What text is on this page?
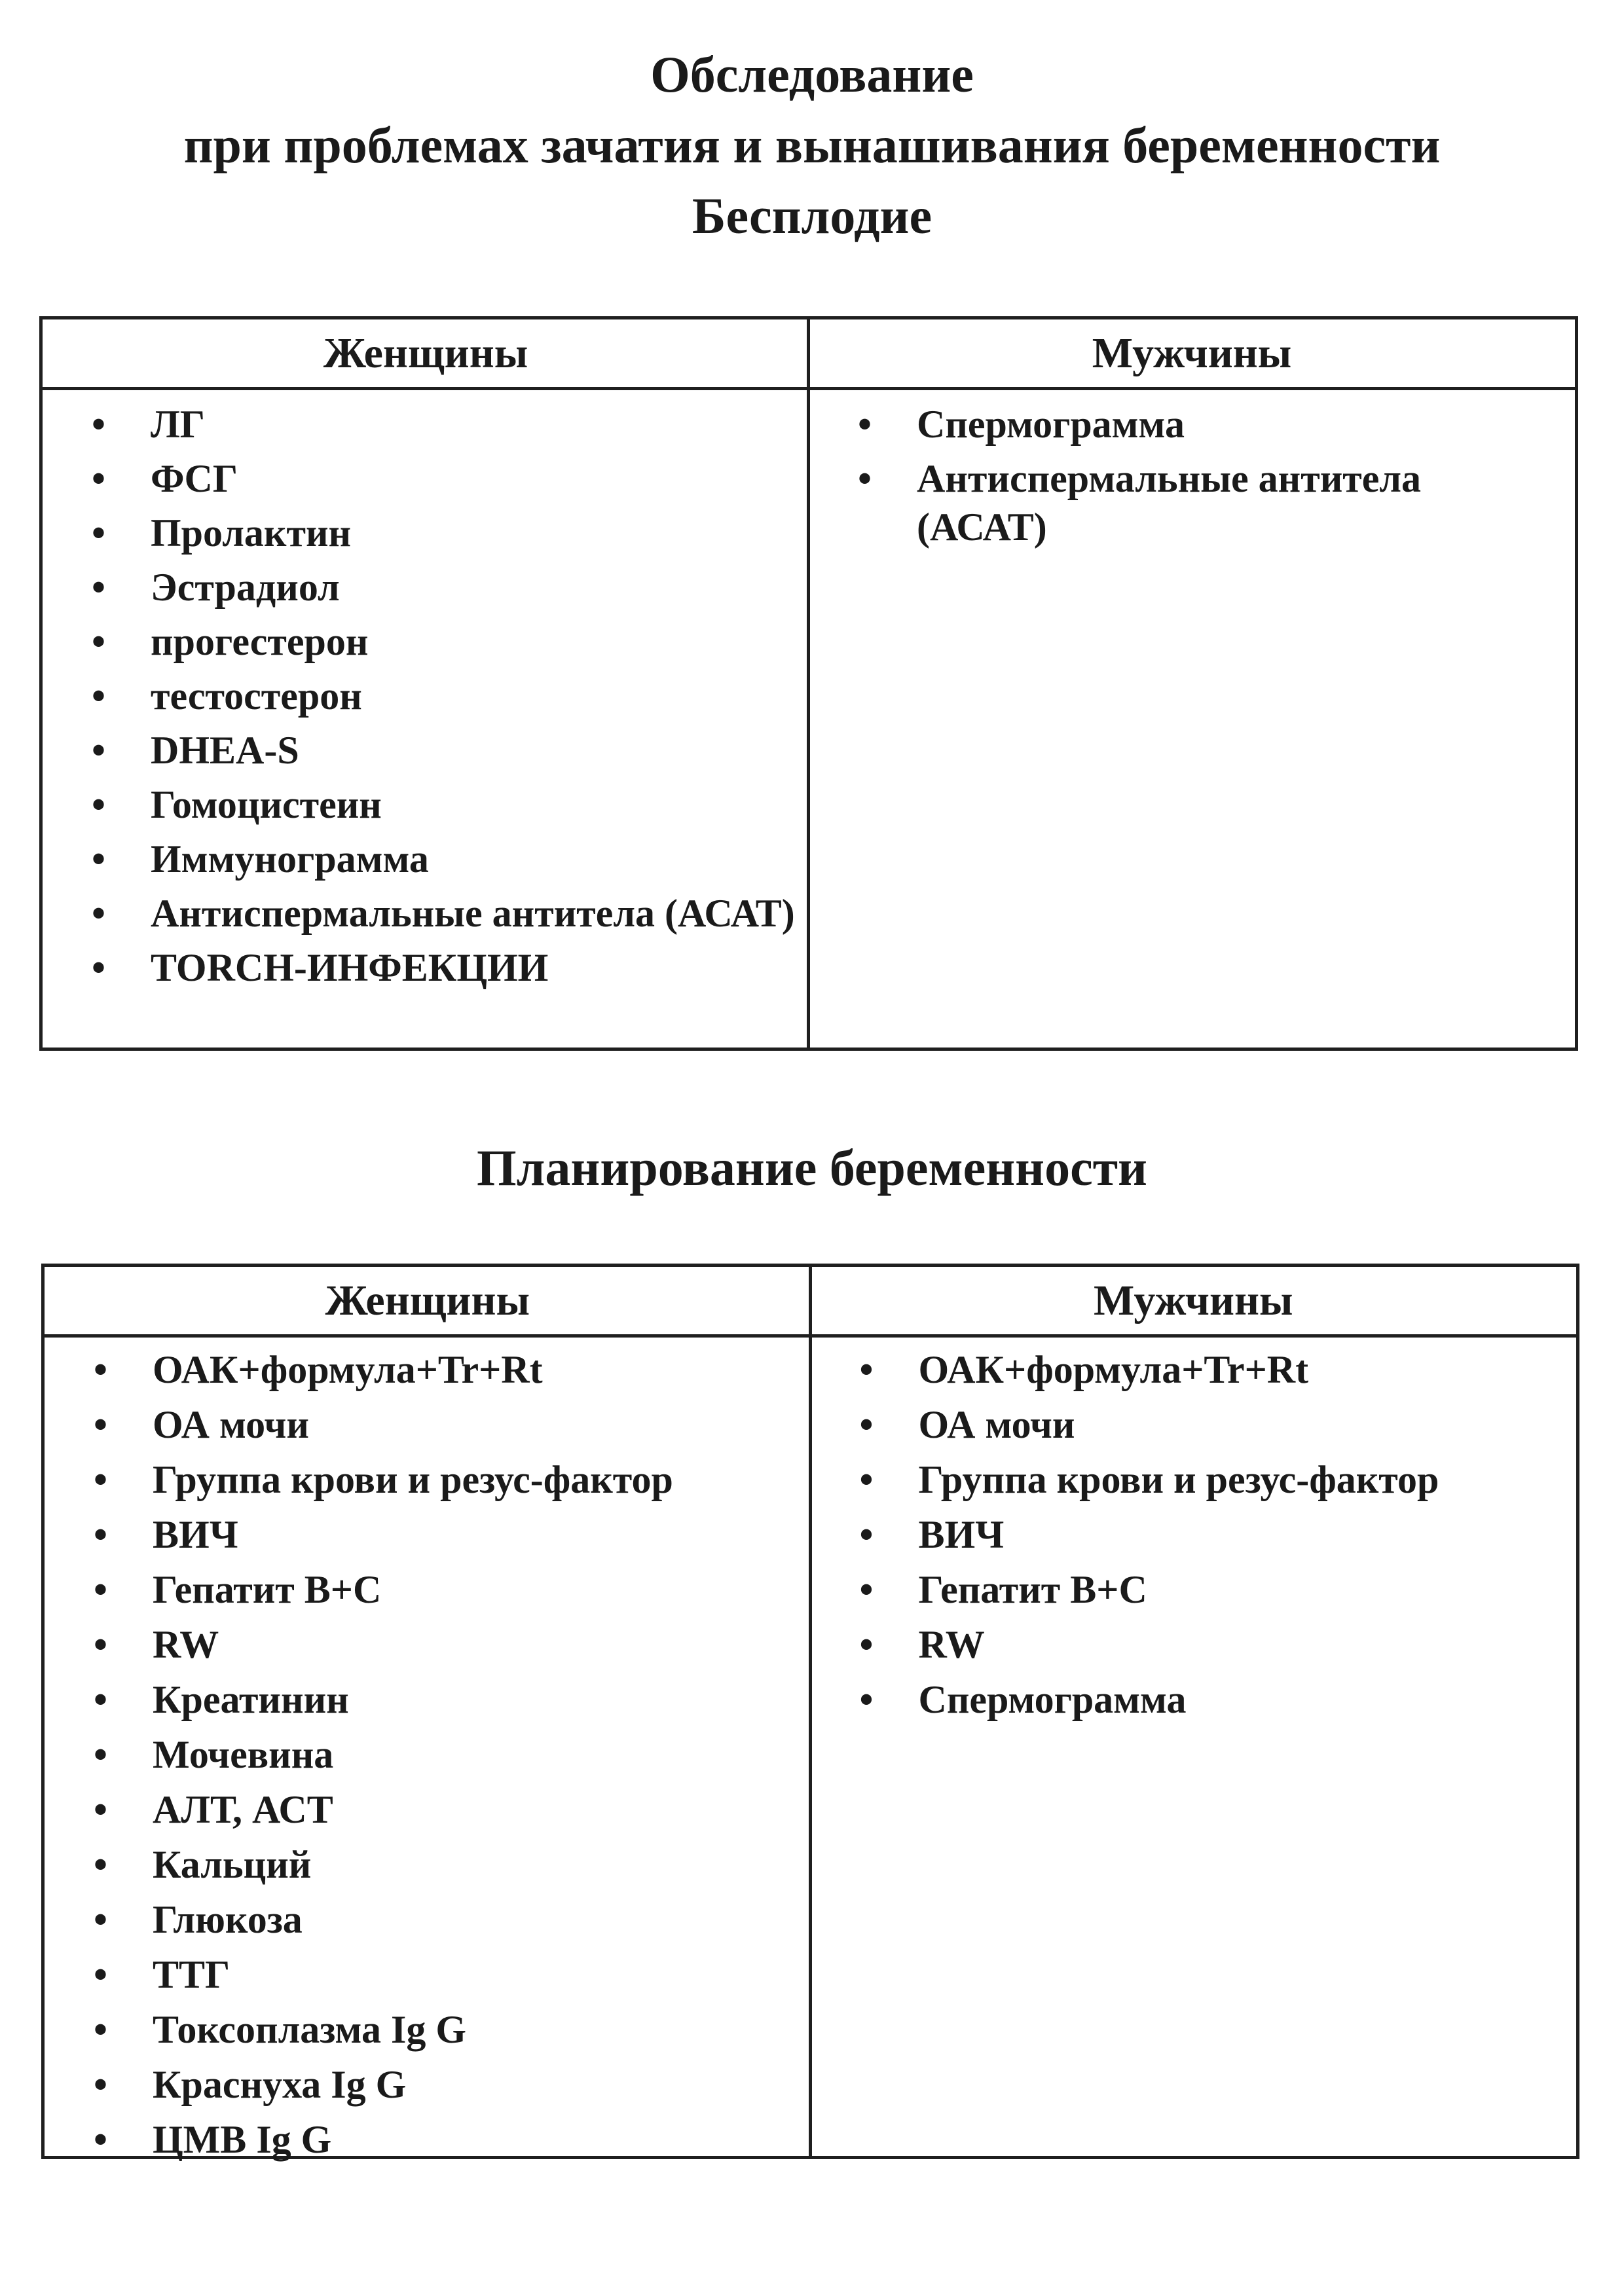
Обследование
при проблемах зачатия и вынашивания беременности
Бесплодие
Женщины	Мужчины
• ЛГ
• ФСГ
• Пролактин
• Эстрадиол
• прогестерон
• тестостерон
• DHEA-S
• Гомоцистеин
• Иммунограмма
• Антиспермальные антитела (АСАТ)
• TORCH-ИНФЕКЦИИ
• Спермограмма
• Антиспермальные антитела (АСАТ)
Планирование беременности
Женщины	Мужчины
• ОАК+формула+Tr+Rt
• ОА мочи
• Группа крови и резус-фактор
• ВИЧ
• Гепатит В+С
• RW
• Креатинин
• Мочевина
• АЛТ, АСТ
• Кальций
• Глюкоза
• ТТГ
• Токсоплазма Ig G
• Краснуха Ig G
• ЦМВ Ig G
• ОАК+формула+Tr+Rt
• ОА мочи
• Группа крови и резус-фактор
• ВИЧ
• Гепатит В+С
• RW
• Спермограмма
